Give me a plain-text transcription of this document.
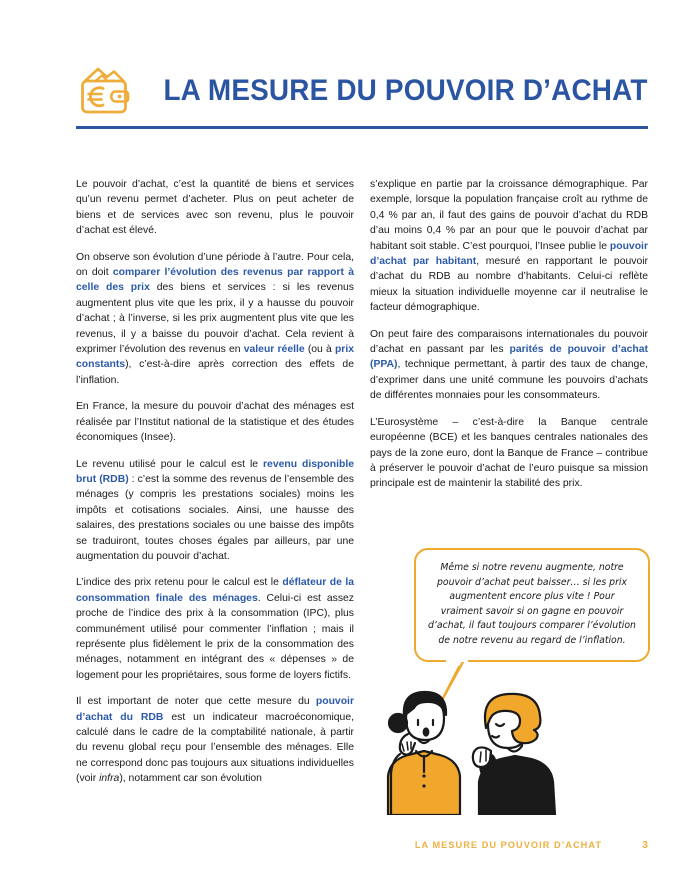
LA MESURE DU POUVOIR D’ACHAT

Le pouvoir d’achat, c’est la quantité de biens et services qu’un revenu permet d’acheter. Plus on peut acheter de biens et de services avec son revenu, plus le pouvoir d’achat est élevé.

On observe son évolution d’une période à l’autre. Pour cela, on doit comparer l’évolution des revenus par rapport à celle des prix des biens et services : si les revenus augmentent plus vite que les prix, il y a hausse du pouvoir d’achat ; à l’inverse, si les prix augmentent plus vite que les revenus, il y a baisse du pouvoir d’achat. Cela revient à exprimer l’évolution des revenus en valeur réelle (ou à prix constants), c’est-à-dire après correction des effets de l’inflation.

En France, la mesure du pouvoir d’achat des ménages est réalisée par l’Institut national de la statistique et des études économiques (Insee).

Le revenu utilisé pour le calcul est le revenu disponible brut (RDB) : c’est la somme des revenus de l’ensemble des ménages (y compris les prestations sociales) moins les impôts et cotisations sociales. Ainsi, une hausse des salaires, des prestations sociales ou une baisse des impôts se traduiront, toutes choses égales par ailleurs, par une augmentation du pouvoir d’achat.

L’indice des prix retenu pour le calcul est le déflateur de la consommation finale des ménages. Celui-ci est assez proche de l’indice des prix à la consommation (IPC), plus communément utilisé pour commenter l’inflation ; mais il représente plus fidèlement le prix de la consommation des ménages, notamment en intégrant des « dépenses » de logement pour les propriétaires, sous forme de loyers fictifs.

Il est important de noter que cette mesure du pouvoir d’achat du RDB est un indicateur macroéconomique, calculé dans le cadre de la comptabilité nationale, à partir du revenu global reçu pour l’ensemble des ménages. Elle ne correspond donc pas toujours aux situations individuelles (voir infra), notamment car son évolution

s’explique en partie par la croissance démographique. Par exemple, lorsque la population française croît au rythme de 0,4 % par an, il faut des gains de pouvoir d’achat du RDB d’au moins 0,4 % par an pour que le pouvoir d’achat par habitant soit stable. C’est pourquoi, l’Insee publie le pouvoir d’achat par habitant, mesuré en rapportant le pouvoir d’achat du RDB au nombre d’habitants. Celui-ci reflète mieux la situation individuelle moyenne car il neutralise le facteur démographique.

On peut faire des comparaisons internationales du pouvoir d’achat en passant par les parités de pouvoir d’achat (PPA), technique permettant, à partir des taux de change, d’exprimer dans une unité commune les pouvoirs d’achats de différentes monnaies pour les consommateurs.

L’Eurosystème – c’est-à-dire la Banque centrale européenne (BCE) et les banques centrales nationales des pays de la zone euro, dont la Banque de France – contribue à préserver le pouvoir d’achat de l’euro puisque sa mission principale est de maintenir la stabilité des prix.

Même si notre revenu augmente, notre pouvoir d’achat peut baisser… si les prix augmentent encore plus vite ! Pour vraiment savoir si on gagne en pouvoir d’achat, il faut toujours comparer l’évolution de notre revenu au regard de l’inflation.
LA MESURE DU POUVOIR D’ACHAT	3
